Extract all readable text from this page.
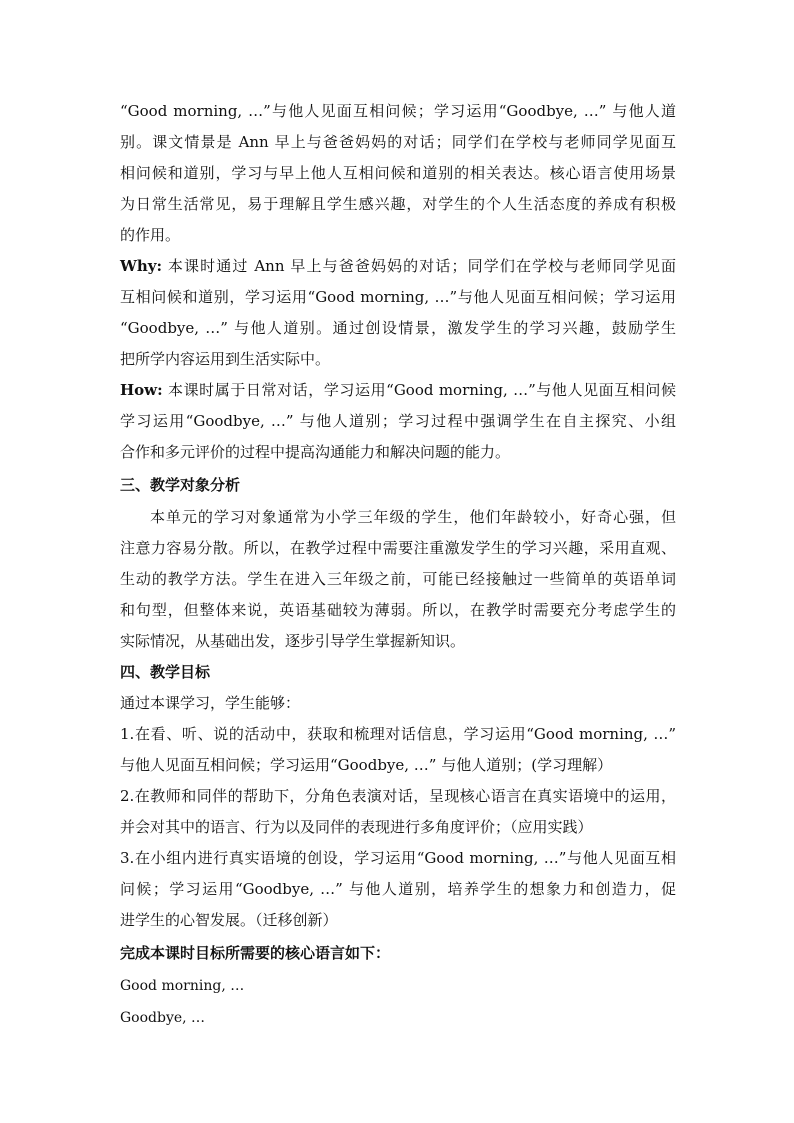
“Good morning, …”与他人见面互相问候；学习运用“Goodbye, …” 与他人道
别。课文情景是 Ann 早上与爸爸妈妈的对话；同学们在学校与老师同学见面互
相问候和道别，学习与早上他人互相问候和道别的相关表达。核心语言使用场景
为日常生活常见，易于理解且学生感兴趣，对学生的个人生活态度的养成有积极
的作用。
Why: 本课时通过 Ann 早上与爸爸妈妈的对话；同学们在学校与老师同学见面
互相问候和道别，学习运用“Good morning, …”与他人见面互相问候；学习运用
“Goodbye, …” 与他人道别。通过创设情景，激发学生的学习兴趣，鼓励学生
把所学内容运用到生活实际中。
How: 本课时属于日常对话，学习运用“Good morning, …”与他人见面互相问候
学习运用“Goodbye, …” 与他人道别；学习过程中强调学生在自主探究、小组
合作和多元评价的过程中提高沟通能力和解决问题的能力。
三、教学对象分析
本单元的学习对象通常为小学三年级的学生，他们年龄较小，好奇心强，但
注意力容易分散。所以，在教学过程中需要注重激发学生的学习兴趣，采用直观、
生动的教学方法。学生在进入三年级之前，可能已经接触过一些简单的英语单词
和句型，但整体来说，英语基础较为薄弱。所以，在教学时需要充分考虑学生的
实际情况，从基础出发，逐步引导学生掌握新知识。
四、教学目标
通过本课学习，学生能够：
1.在看、听、说的活动中，获取和梳理对话信息，学习运用“Good morning, …”
与他人见面互相问候；学习运用“Goodbye, …” 与他人道别；(学习理解）
2.在教师和同伴的帮助下，分角色表演对话，呈现核心语言在真实语境中的运用，
并会对其中的语言、行为以及同伴的表现进行多角度评价；（应用实践）
3.在小组内进行真实语境的创设，学习运用“Good morning, …”与他人见面互相
问候；学习运用“Goodbye, …” 与他人道别，培养学生的想象力和创造力，促
进学生的心智发展。（迁移创新）
完成本课时目标所需要的核心语言如下：
Good morning, …
Goodbye, …
